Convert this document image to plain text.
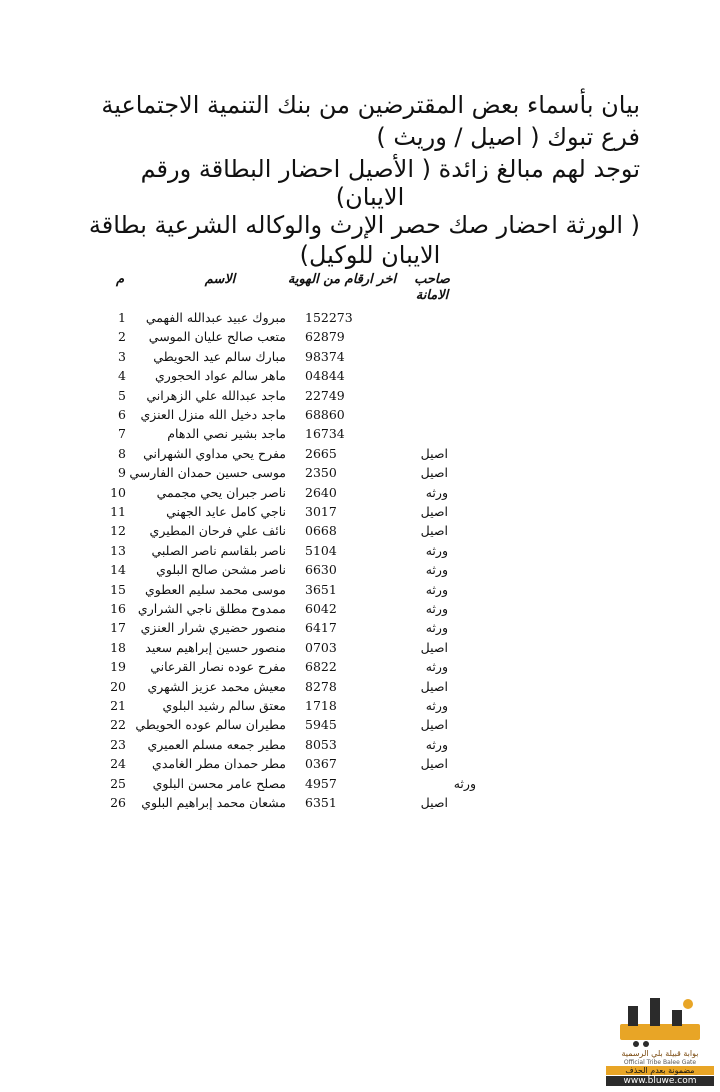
بيان بأسماء بعض المقترضين من بنك التنمية الاجتماعية
فرع تبوك ( اصيل / وريث )
توجد لهم مبالغ زائدة ( الأصيل احضار البطاقة ورقم
الايبان)
( الورثة احضار صك حصر الإرث والوكاله الشرعية بطاقة
الايبان للوكيل)
م	الاسم	اخر ارقام من الهوية	صاحب الامانة
1	مبروك عبيد عبدالله الفهمي 152273
2	متعب صالح عليان الموسي 62879
3	مبارك سالم عيد الحويطي 98374
4	ماهر سالم عواد الحجوري 04844
5	ماجد عبدالله علي الزهراني 22749
6	ماجد دخيل الله منزل العنزي 68860
7	ماجد بشير نصي الدهام 16734
8	مفرح يحي مداوي الشهراني 2665	اصيل
9 موسى حسين حمدان الفارسي 2350	اصيل
10	ناصر جبران يحي مجممي 2640	ورثه
11	ناجي كامل عايد الجهني 3017	اصيل
12	نائف علي فرحان المطيري 0668	اصيل
13	ناصر بلقاسم ناصر الصلبي 5104	ورثه
14	ناصر مشحن صالح البلوي 6630	ورثه
15	موسى محمد سليم العطوي 3651	ورثه
16 ممدوح مطلق ناجي الشراري 6042	ورثه
17	منصور حضيري شرار العنزي 6417	ورثه
18	منصور حسين إبراهيم سعيد 0703	اصيل
19	مفرح عوده نصار القرعاني 6822	ورثه
20	معيش محمد عزيز الشهري 8278	اصيل
21	معتق سالم رشيد البلوي 1718	ورثه
22 مطيران سالم عوده الحويطي 5945	اصيل
23	مطير جمعه مسلم العميري 8053	ورثه
24	مطر حمدان مطر الغامدي 0367	اصيل
25	مصلح عامر محسن البلوي 4957	ورثه
26	مشعان محمد إبراهيم البلوي 6351	اصيل
بوابة قبيلة بلي الرسمية
Official Tribe Balee Gate
مضمونة بعدم الحذف
www.bluwe.com
